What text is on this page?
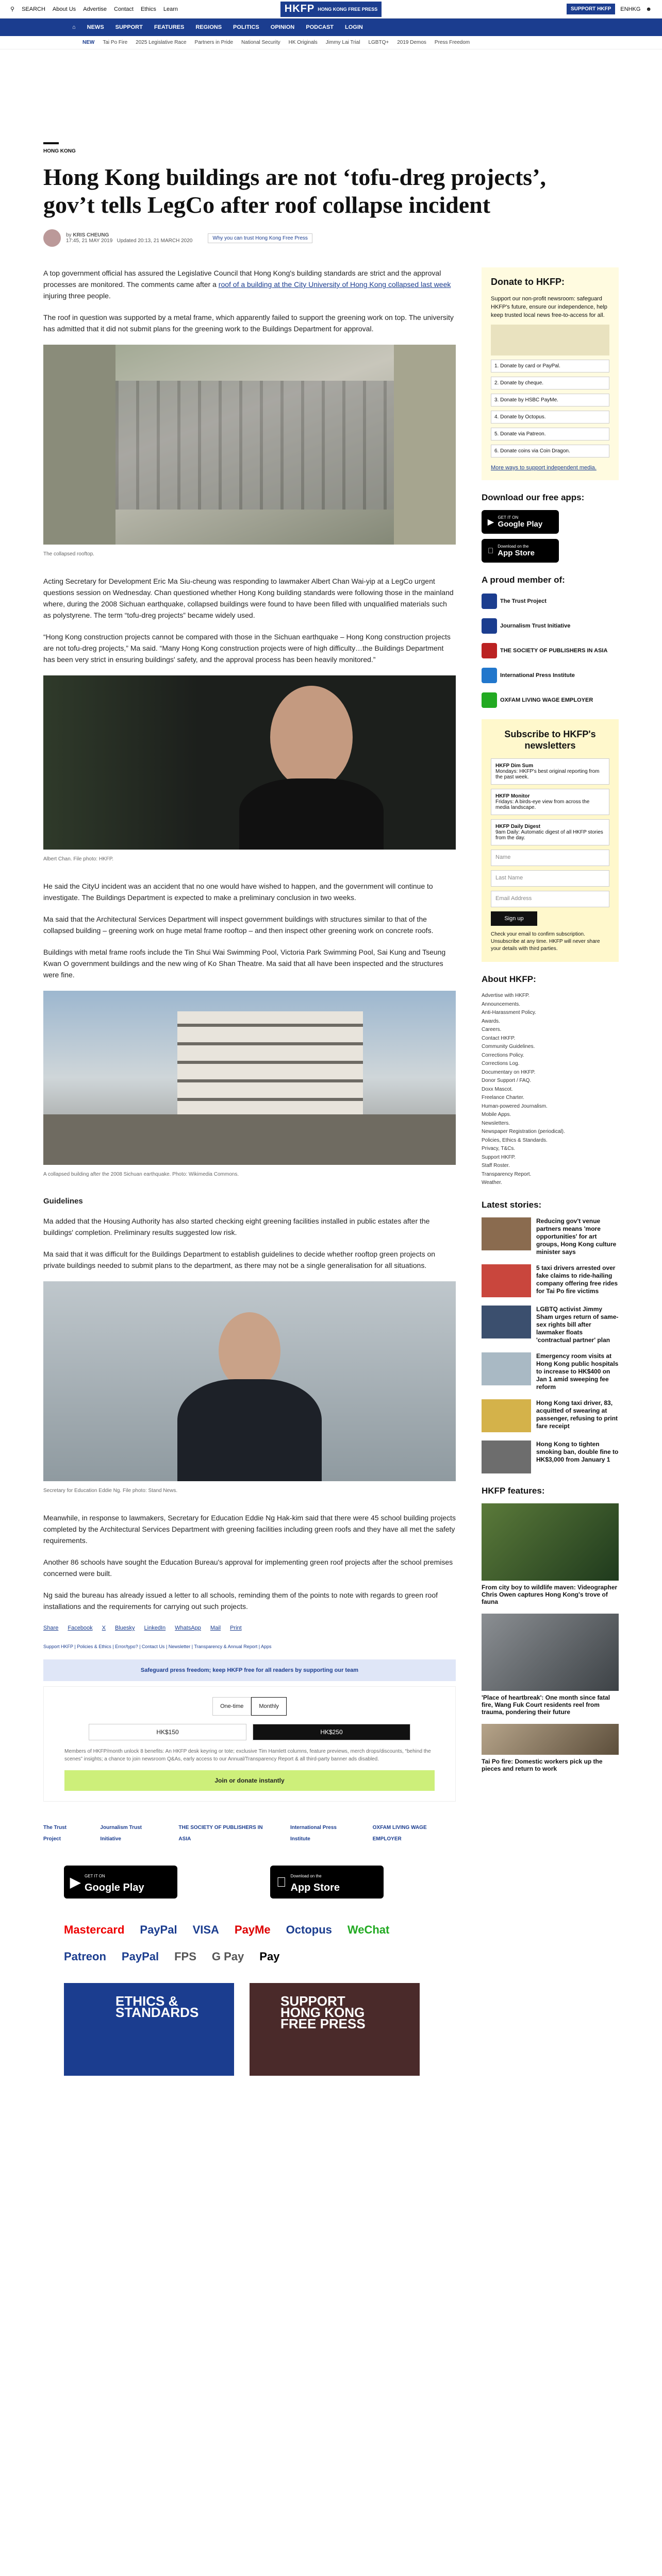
⚲ SEARCH About Us Advertise Contact Ethics Learn	HKFP HONG KONG FREE PRESS	SUPPORT HKFP	ENHKG ☻
⌂ NEWS SUPPORT FEATURES REGIONS POLITICS OPINION PODCAST LOGIN
NEW Tai Po Fire 2025 Legislative Race Partners in Pride National Security HK Originals Jimmy Lai Trial LGBTQ+ 2019 Demos Press Freedom
HONG KONG
Hong Kong buildings are not ‘tofu-dreg projects’, gov’t tells LegCo after roof collapse incident
by KRIS CHEUNG
17:45, 21 MAY 2019 Updated 20:13, 21 MARCH 2020	Why you can trust Hong Kong Free Press

A top government official has assured the Legislative Council that Hong Kong's building standards are strict and the approval processes are monitored. The comments came after a roof of a building at the City University of Hong Kong collapsed last week injuring three people.

The roof in question was supported by a metal frame, which apparently failed to support the greening work on top. The university has admitted that it did not submit plans for the greening work to the Buildings Department for approval.

The collapsed rooftop.

Acting Secretary for Development Eric Ma Siu-cheung was responding to lawmaker Albert Chan Wai-yip at a LegCo urgent questions session on Wednesday. Chan questioned whether Hong Kong building standards were following those in the mainland where, during the 2008 Sichuan earthquake, collapsed buildings were found to have been filled with unqualified materials such as polystyrene. The term “tofu-dreg projects” became widely used.

“Hong Kong construction projects cannot be compared with those in the Sichuan earthquake – Hong Kong construction projects are not tofu-dreg projects,” Ma said. “Many Hong Kong construction projects were of high difficulty…the Buildings Department has been very strict in ensuring buildings' safety, and the approval process has been heavily monitored.”

Albert Chan. File photo: HKFP.

He said the CityU incident was an accident that no one would have wished to happen, and the government will continue to investigate. The Buildings Department is expected to make a preliminary conclusion in two weeks.

Ma said that the Architectural Services Department will inspect government buildings with structures similar to that of the collapsed building – greening work on huge metal frame rooftop – and then inspect other greening work on concrete roofs.

Buildings with metal frame roofs include the Tin Shui Wai Swimming Pool, Victoria Park Swimming Pool, Sai Kung and Tseung Kwan O government buildings and the new wing of Ko Shan Theatre. Ma said that all have been inspected and the structures were fine.

A collapsed building after the 2008 Sichuan earthquake. Photo: Wikimedia Commons.
Guidelines

Ma added that the Housing Authority has also started checking eight greening facilities installed in public estates after the buildings' completion. Preliminary results suggested low risk.

Ma said that it was difficult for the Buildings Department to establish guidelines to decide whether rooftop green projects on private buildings needed to submit plans to the department, as there may not be a single generalisation for all situations.

Secretary for Education Eddie Ng. File photo: Stand News.

Meanwhile, in response to lawmakers, Secretary for Education Eddie Ng Hak-kim said that there were 45 school building projects completed by the Architectural Services Department with greening facilities including green roofs and they have all met the safety requirements.

Another 86 schools have sought the Education Bureau's approval for implementing green roof projects after the school premises concerned were built.

Ng said the bureau has already issued a letter to all schools, reminding them of the points to note with regards to green roof installations and the requirements for carrying out such projects.

Share Facebook X Bluesky LinkedIn WhatsApp Mail Print
Support HKFP | Policies & Ethics | Error/typo? | Contact Us | Newsletter | Transparency & Annual Report | Apps
Safeguard press freedom; keep HKFP free for all readers by supporting our team
One-time	Monthly
HK$150	HK$250

Members of HKFP/month unlock 8 benefits: An HKFP desk keyring or tote; exclusive Tim Hamlett columns, feature previews, merch drops/discounts, “behind the scenes” insights; a chance to join newsroom Q&As, early access to our Annual/Transparency Report & all third-party banner ads disabled.

Join or donate instantly
The Trust Project
Journalism Trust Initiative
THE SOCIETY OF PUBLISHERS IN ASIA
International Press Institute
OXFAM LIVING WAGE EMPLOYER
▶ GET IT ON
Google Play
Download on the
App Store
Mastercard PayPal VISA PayMe Octopus WeChat
Patreon PayPal FPS G Pay Pay
ETHICS & STANDARDS
SUPPORT HONG KONG FREE PRESS
Donate to HKFP:
Support our non-profit newsroom: safeguard HKFP's future, ensure our independence, help keep trusted local news free-to-access for all.
1. Donate by card or PayPal.
2. Donate by cheque.
3. Donate by HSBC PayMe.
4. Donate by Octopus.
5. Donate via Patreon.
6. Donate coins via Coin Dragon.
More ways to support independent media.
Download our free apps:
▶
GET IT ON
Google Play
Download on the
App Store
A proud member of:
The Trust Project
Journalism Trust Initiative
THE SOCIETY OF PUBLISHERS IN ASIA
International Press Institute
OXFAM LIVING WAGE EMPLOYER
Subscribe to HKFP's newsletters
HKFP Dim Sum
Mondays: HKFP's best original reporting from the past week.
HKFP Monitor
Fridays: A birds-eye view from across the media landscape.
HKFP Daily Digest
9am Daily: Automatic digest of all HKFP stories from the day.
Name
Last Name
Email Address
Sign up
Check your email to confirm subscription. Unsubscribe at any time. HKFP will never share your details with third parties.
About HKFP:
Advertise with HKFP.
Announcements.
Anti-Harassment Policy.
Awards.
Careers.
Contact HKFP.
Community Guidelines.
Corrections Policy.
Corrections Log.
Documentary on HKFP.
Donor Support / FAQ.
Doxx Mascot.
Freelance Charter.
Human-powered Journalism.
Mobile Apps.
Newsletters.
Newspaper Registration (periodical).
Policies, Ethics & Standards.
Privacy, T&Cs.
Support HKFP.
Staff Roster.
Transparency Report.
Weather.
Latest stories:
Reducing gov't venue partners means 'more opportunities' for art groups, Hong Kong culture minister says
5 taxi drivers arrested over fake claims to ride-hailing company offering free rides for Tai Po fire victims
LGBTQ activist Jimmy Sham urges return of same-sex rights bill after lawmaker floats 'contractual partner' plan
Emergency room visits at Hong Kong public hospitals to increase to HK$400 on Jan 1 amid sweeping fee reform
Hong Kong taxi driver, 83, acquitted of swearing at passenger, refusing to print fare receipt
Hong Kong to tighten smoking ban, double fine to HK$3,000 from January 1
HKFP features:
From city boy to wildlife maven: Videographer Chris Owen captures Hong Kong's trove of fauna
'Place of heartbreak': One month since fatal fire, Wang Fuk Court residents reel from trauma, pondering their future
Tai Po fire: Domestic workers pick up the pieces and return to work
